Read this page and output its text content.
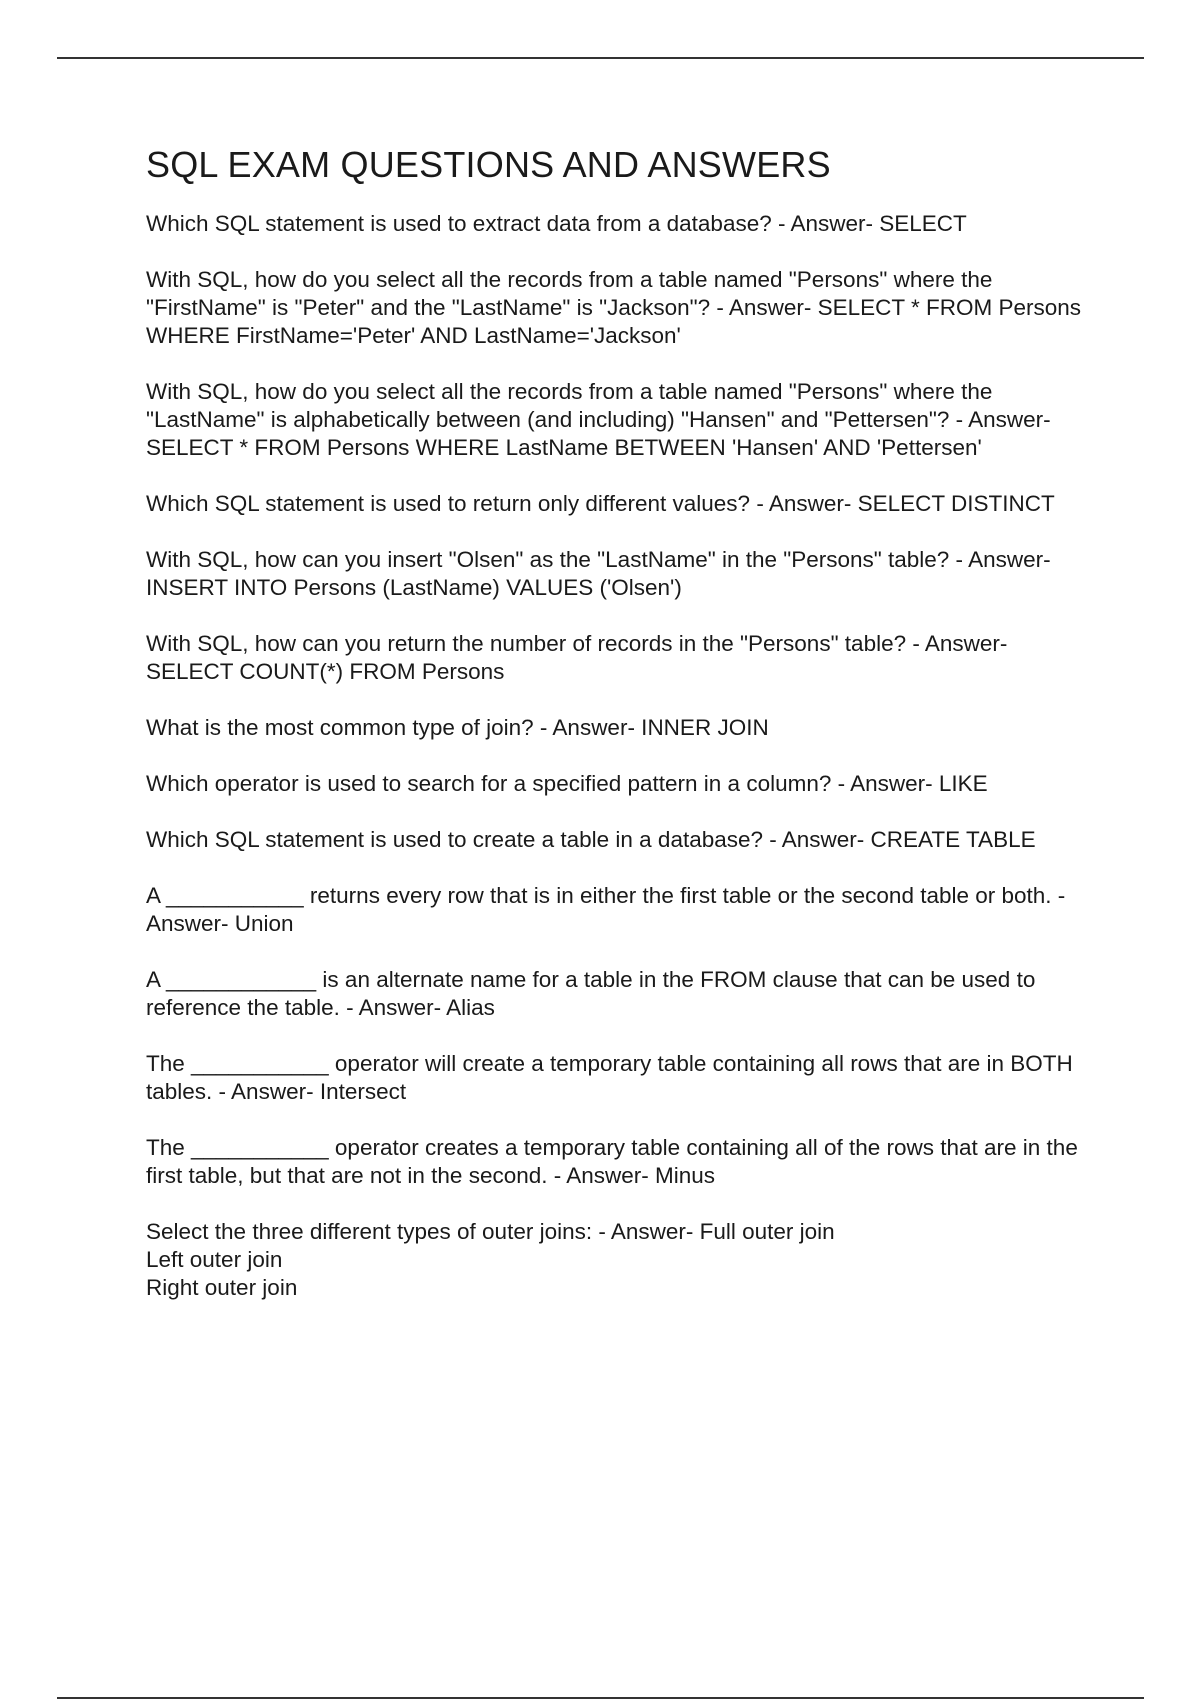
SQL EXAM QUESTIONS AND ANSWERS
Which SQL statement is used to extract data from a database? - Answer- SELECT
With SQL, how do you select all the records from a table named "Persons" where the "FirstName" is "Peter" and the "LastName" is "Jackson"? - Answer- SELECT * FROM Persons WHERE FirstName='Peter' AND LastName='Jackson'
With SQL, how do you select all the records from a table named "Persons" where the "LastName" is alphabetically between (and including) "Hansen" and "Pettersen"? - Answer- SELECT * FROM Persons WHERE LastName BETWEEN 'Hansen' AND 'Pettersen'
Which SQL statement is used to return only different values? - Answer- SELECT DISTINCT
With SQL, how can you insert "Olsen" as the "LastName" in the "Persons" table? - Answer- INSERT INTO Persons (LastName) VALUES ('Olsen')
With SQL, how can you return the number of records in the "Persons" table? - Answer- SELECT COUNT(*) FROM Persons
What is the most common type of join? - Answer- INNER JOIN
Which operator is used to search for a specified pattern in a column? - Answer- LIKE
Which SQL statement is used to create a table in a database? - Answer- CREATE TABLE
A ___________ returns every row that is in either the first table or the second table or both. - Answer- Union
A ____________ is an alternate name for a table in the FROM clause that can be used to reference the table. - Answer- Alias
The ___________ operator will create a temporary table containing all rows that are in BOTH tables. - Answer- Intersect
The ___________ operator creates a temporary table containing all of the rows that are in the first table, but that are not in the second. - Answer- Minus
Select the three different types of outer joins: - Answer- Full outer join
Left outer join
Right outer join
